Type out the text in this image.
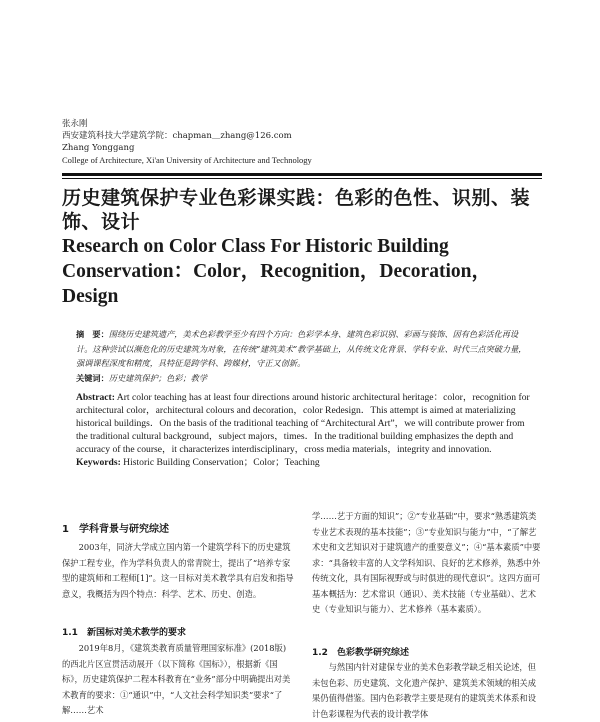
张永刚
西安建筑科技大学建筑学院：chapman＿zhang@126.com
Zhang Yonggang
College of Architecture, Xi'an University of Architecture and Technology
历史建筑保护专业色彩课实践：色彩的色性、识别、装饰、设计
Research on Color Class For Historic Building Conservation：Color，Recognition，Decoration，Design
摘　要：围绕历史建筑遗产，美术色彩教学至少有四个方向：色彩学本身、建筑色彩识别、彩画与装饰、因有色彩活化再设计。这种尝试以濒危化的历史建筑为对象，在传统“建筑美术”教学基础上，从传统文化背景、学科专业、时代三点突破力量，强调课程深度和精度，具特征是跨学科、跨媒材，守正又创新。
关键词：历史建筑保护；色彩；教学
Abstract: Art color teaching has at least four directions around historic architectural heritage：color，recognition for architectural color，architectural colours and decoration，color Redesign．This attempt is aimed at materializing historical buildings．On the basis of the traditional teaching of “Architectural Art”，we will contribute prower from the traditional cultural background，subject majors，times．In the traditional building emphasizes the depth and accuracy of the course，it characterizes interdisciplinary，cross media materials，integrity and innovation.
Keywords: Historic Building Conservation；Color；Teaching
1　学科背景与研究综述

2003年，同济大学成立国内第一个建筑学科下的历史建筑保护工程专业，作为学科负责人的常青院士，提出了“培养专家型的建筑师和工程师[1]”。这一目标对美术教学具有启发和指导意义，我概括为四个特点：科学、艺术、历史、创造。

1.1　新国标对美术教学的要求

2019年8月，《建筑类教育质量管理国家标准》(2018版)的西北片区宣贯活动展开（以下简称《国标》），根据新《国标》，历史建筑保护二程本科教育在“业务”部分中明确提出对美术教育的要求：①“通识”中，“人文社会科学知识类”要求“了解……艺术

学……艺于方面的知识”；②“专业基础”中，要求“熟悉建筑类专业艺术表现的基本技能”；③“专业知识与能力”中，“了解艺术史和文艺知识对于建筑遗产的重要意义”；④“基本素质”中要求：“具备较丰富的人文学科知识、良好的艺术修养，熟悉中外传统文化，具有国际视野或与时俱进的现代意识”。这四方面可基本概括为：艺术常识（通识）、美术技能（专业基础）、艺术史（专业知识与能力）、艺术修养（基本素质）。

1.2　色彩教学研究综述

与然国内针对建保专业的美术色彩教学缺乏相关论述，但未包色彩、历史建筑、文化遗产保护、建筑美术领域的相关成果仍值得借鉴。国内色彩教学主要是现有的建筑美术体系和设计色彩课程为代表的设计教学体
